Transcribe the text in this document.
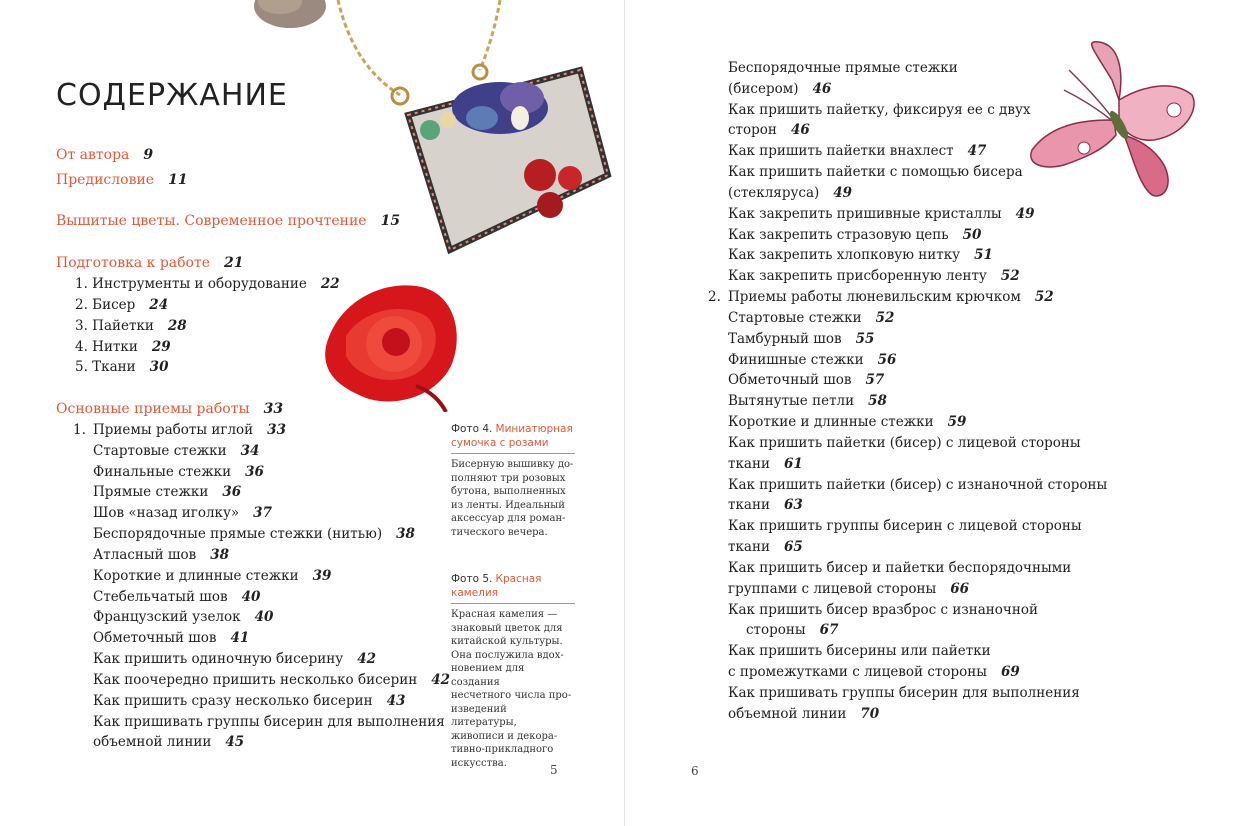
СОДЕРЖАНИЕ
От автора 9
Предисловие 11
Вышитые цветы. Современное прочтение 15
Подготовка к работе 21
1. Инструменты и оборудование 22
2. Бисер 24
3. Пайетки 28
4. Нитки 29
5. Ткани 30
Основные приемы работы 33
1. Приемы работы иглой 33
Стартовые стежки 34
Финальные стежки 36
Прямые стежки 36
Шов «назад иголку» 37
Беспорядочные прямые стежки (нитью) 38
Атласный шов 38
Короткие и длинные стежки 39
Стебельчатый шов 40
Французский узелок 40
Обметочный шов 41
Как пришить одиночную бисерину 42
Как поочередно пришить несколько бисерин 42
Как пришить сразу несколько бисерин 43
Как пришивать группы бисерин для выполнения
объемной линии 45
Фото 4. Миниатюрная
сумочка с розами
Бисерную вышивку до-
полняют три розовых
бутона, выполненных
из ленты. Идеальный
аксессуар для роман-
тического вечера.
Фото 5. Красная
камелия
Красная камелия —
знаковый цветок для
китайской культуры.
Она послужила вдох-
новением для создания
несчетного числа про-
изведений литературы,
живописи и декора-
тивно-прикладного
искусства.
Беспорядочные прямые стежки
(бисером) 46
Как пришить пайетку, фиксируя ее с двух
сторон 46
Как пришить пайетки внахлест 47
Как пришить пайетки с помощью бисера
(стекляруса) 49
Как закрепить пришивные кристаллы 49
Как закрепить стразовую цепь 50
Как закрепить хлопковую нитку 51
Как закрепить присборенную ленту 52
2. Приемы работы люневильским крючком 52
Стартовые стежки 52
Тамбурный шов 55
Финишные стежки 56
Обметочный шов 57
Вытянутые петли 58
Короткие и длинные стежки 59
Как пришить пайетки (бисер) с лицевой стороны
ткани 61
Как пришить пайетки (бисер) с изнаночной стороны
ткани 63
Как пришить группы бисерин с лицевой стороны
ткани 65
Как пришить бисер и пайетки беспорядочными
группами с лицевой стороны 66
Как пришить бисер вразброс с изнаночной
стороны 67
Как пришить бисерины или пайетки
с промежутками с лицевой стороны 69
Как пришивать группы бисерин для выполнения
объемной линии 70
5	6
